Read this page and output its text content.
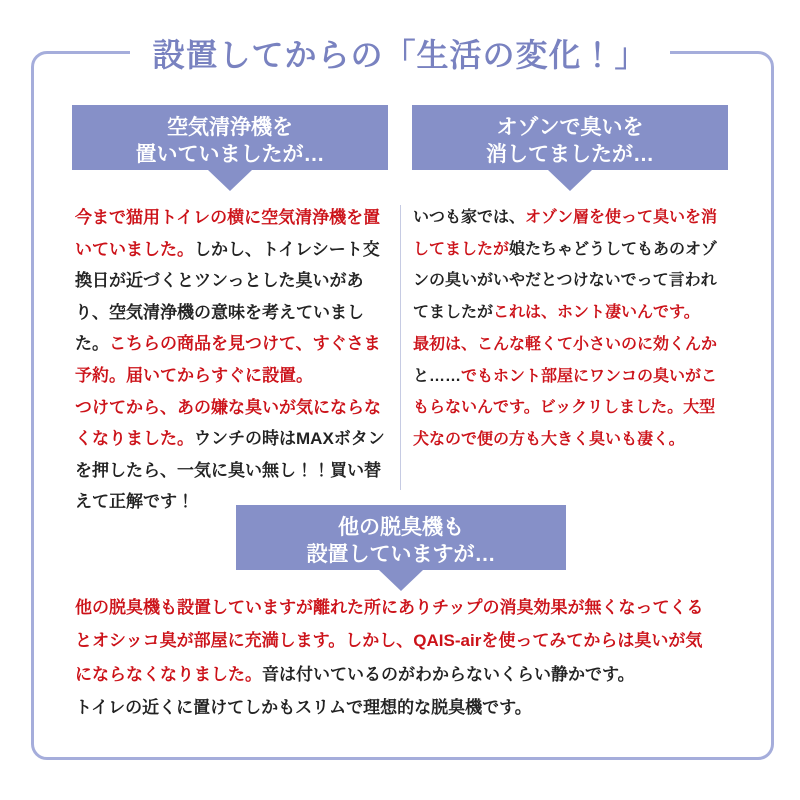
設置してからの「生活の変化！」
空気清浄機を
置いていましたが…
今まで猫用トイレの横に空気清浄機を置
いていました。しかし、トイレシート交
換日が近づくとツンっとした臭いがあ
り、空気清浄機の意味を考えていまし
た。こちらの商品を見つけて、すぐさま
予約。届いてからすぐに設置。
つけてから、あの嫌な臭いが気にならな
くなりました。ウンチの時はMAXボタン
を押したら、一気に臭い無し！！買い替
えて正解です！
オゾンで臭いを
消してましたが…
いつも家では、オゾン層を使って臭いを消
してましたが娘たちゃどうしてもあのオゾ
ンの臭いがいやだとつけないでって言われ
てましたがこれは、ホント凄いんです。
最初は、こんな軽くて小さいのに効くんか
と……でもホント部屋にワンコの臭いがこ
もらないんです。ビックリしました。大型
犬なので便の方も大きく臭いも凄く。
他の脱臭機も
設置していますが…
他の脱臭機も設置していますが離れた所にありチップの消臭効果が無くなってくる
とオシッコ臭が部屋に充満します。しかし、QAIS-airを使ってみてからは臭いが気
にならなくなりました。音は付いているのがわからないくらい静かです。
トイレの近くに置けてしかもスリムで理想的な脱臭機です。
